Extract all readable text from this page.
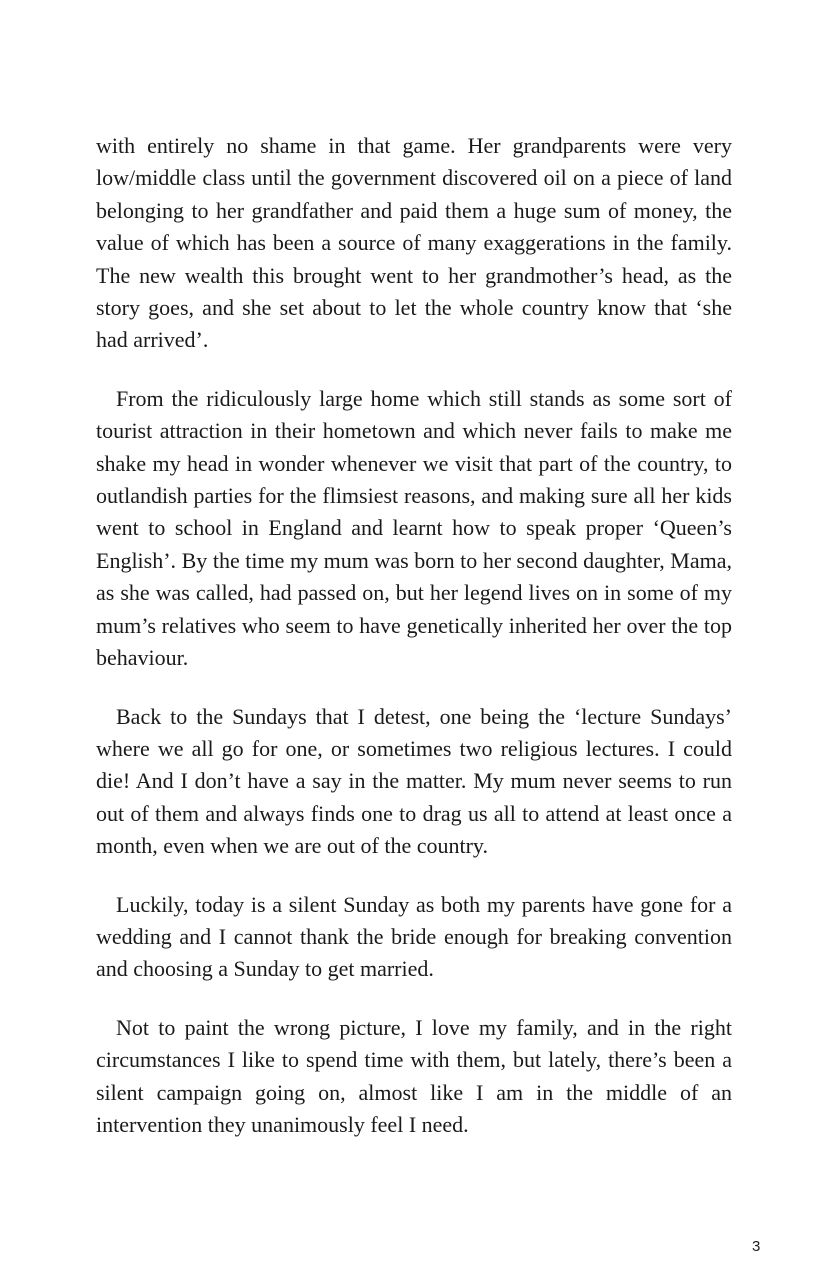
with entirely no shame in that game. Her grandparents were very low/middle class until the government discovered oil on a piece of land belonging to her grandfather and paid them a huge sum of money, the value of which has been a source of many exaggerations in the family. The new wealth this brought went to her grandmother’s head, as the story goes, and she set about to let the whole country know that ‘she had arrived’.

From the ridiculously large home which still stands as some sort of tourist attraction in their hometown and which never fails to make me shake my head in wonder whenever we visit that part of the country, to outlandish parties for the flimsiest reasons, and making sure all her kids went to school in England and learnt how to speak proper ‘Queen’s English’. By the time my mum was born to her second daughter, Mama, as she was called, had passed on, but her legend lives on in some of my mum’s relatives who seem to have genetically inherited her over the top behaviour.

Back to the Sundays that I detest, one being the ‘lecture Sundays’ where we all go for one, or sometimes two religious lectures. I could die! And I don’t have a say in the matter. My mum never seems to run out of them and always finds one to drag us all to attend at least once a month, even when we are out of the country.

Luckily, today is a silent Sunday as both my parents have gone for a wedding and I cannot thank the bride enough for breaking convention and choosing a Sunday to get married.

Not to paint the wrong picture, I love my family, and in the right circumstances I like to spend time with them, but lately, there’s been a silent campaign going on, almost like I am in the middle of an intervention they unanimously feel I need.

3
